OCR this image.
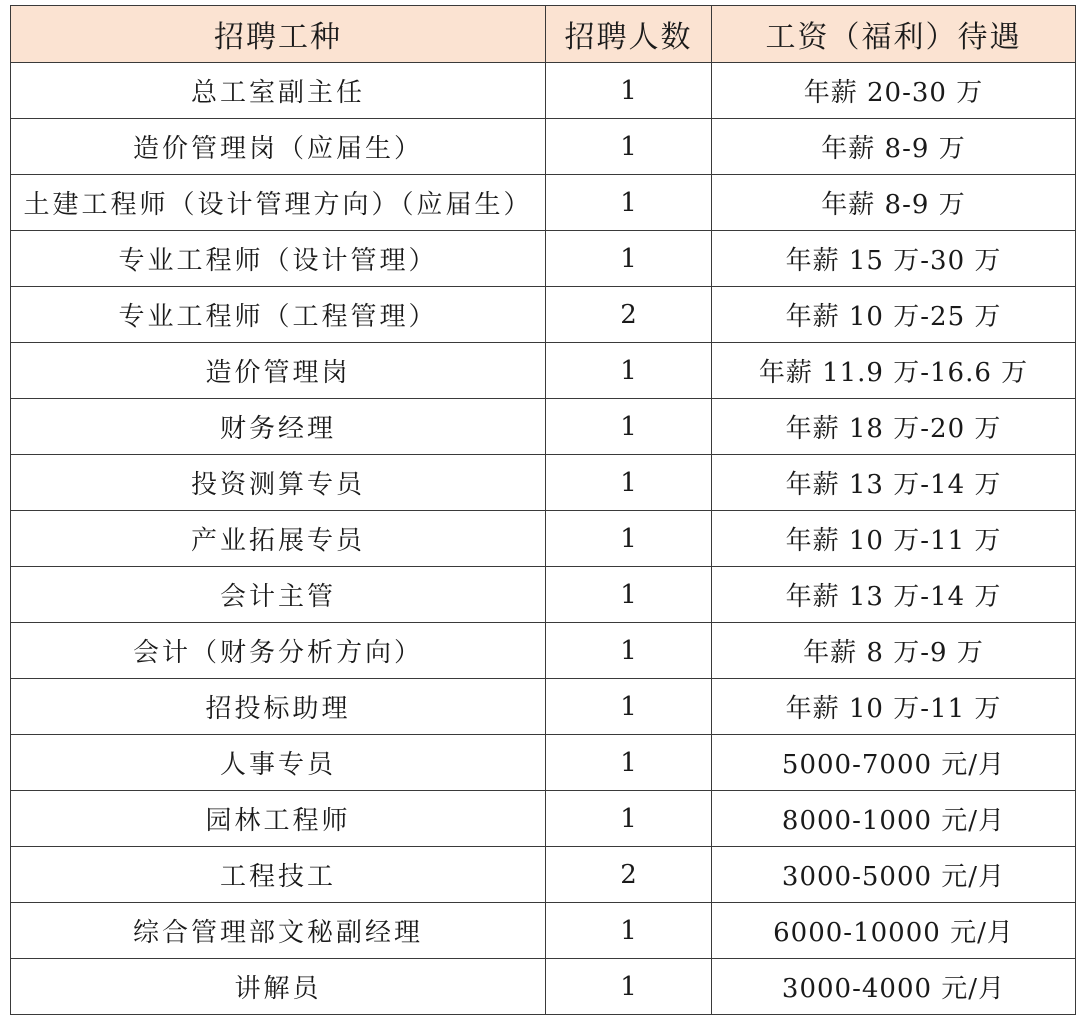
招聘工种	招聘人数	工资（福利）待遇
总工室副主任	1	年薪 20-30 万
造价管理岗（应届生）	1	年薪 8-9 万
土建工程师（设计管理方向）（应届生）	1	年薪 8-9 万
专业工程师（设计管理）	1	年薪 15 万-30 万
专业工程师（工程管理）	2	年薪 10 万-25 万
造价管理岗	1	年薪 11.9 万-16.6 万
财务经理	1	年薪 18 万-20 万
投资测算专员	1	年薪 13 万-14 万
产业拓展专员	1	年薪 10 万-11 万
会计主管	1	年薪 13 万-14 万
会计（财务分析方向）	1	年薪 8 万-9 万
招投标助理	1	年薪 10 万-11 万
人事专员	1	5000-7000 元/月
园林工程师	1	8000-1000 元/月
工程技工	2	3000-5000 元/月
综合管理部文秘副经理	1	6000-10000 元/月
讲解员	1	3000-4000 元/月
